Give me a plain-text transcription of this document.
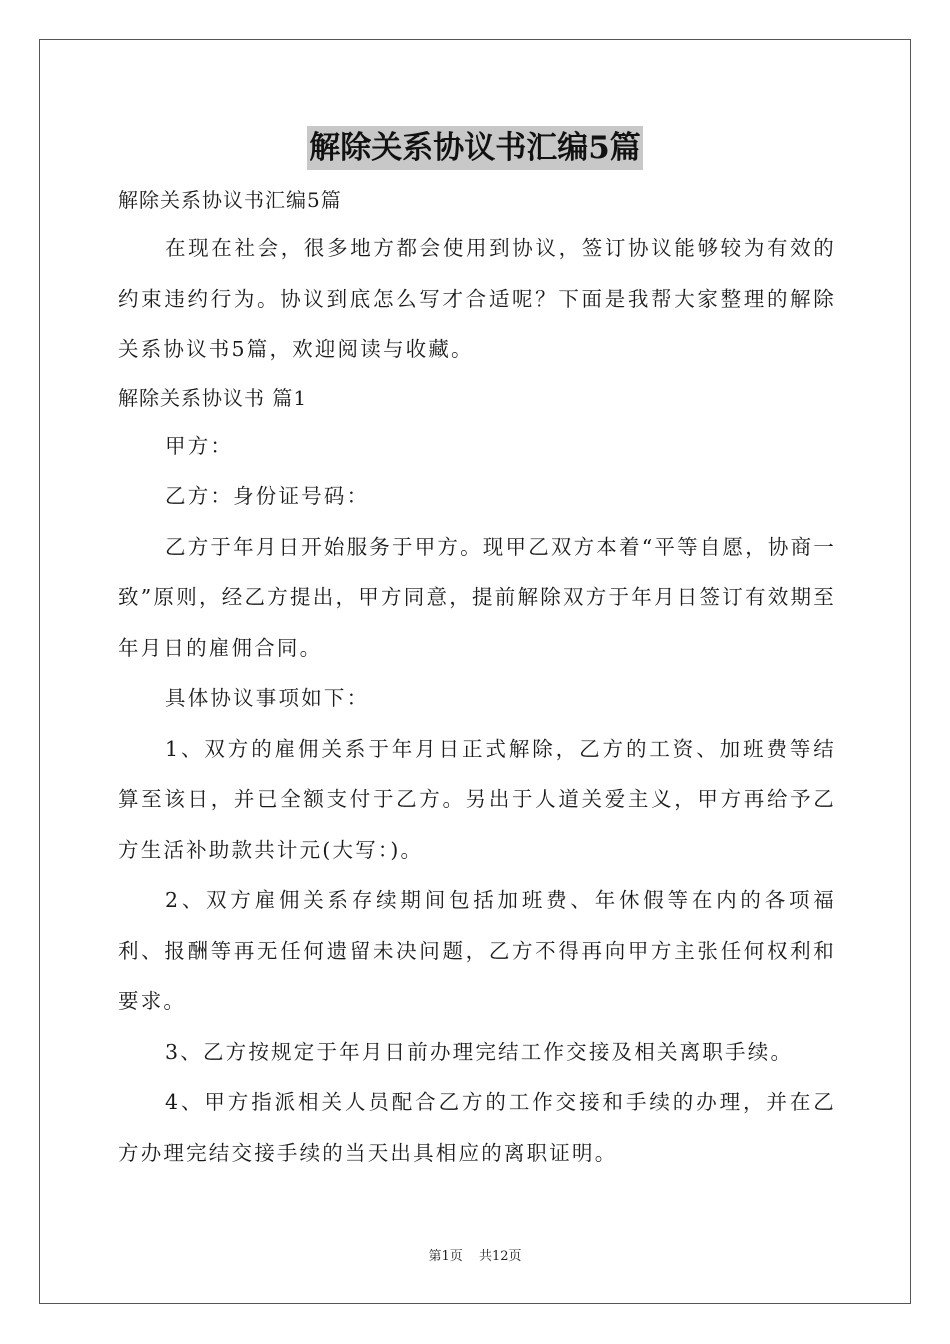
解除关系协议书汇编5篇

解除关系协议书汇编5篇

在现在社会，很多地方都会使用到协议，签订协议能够较为有效的约束违约行为。协议到底怎么写才合适呢？下面是我帮大家整理的解除关系协议书5篇，欢迎阅读与收藏。

解除关系协议书 篇1

甲方：

乙方：身份证号码：

乙方于年月日开始服务于甲方。现甲乙双方本着“平等自愿，协商一致”原则，经乙方提出，甲方同意，提前解除双方于年月日签订有效期至年月日的雇佣合同。

具体协议事项如下：

1、双方的雇佣关系于年月日正式解除，乙方的工资、加班费等结算至该日，并已全额支付于乙方。另出于人道关爱主义，甲方再给予乙方生活补助款共计元(大写：)。

2、双方雇佣关系存续期间包括加班费、年休假等在内的各项福利、报酬等再无任何遗留未决问题，乙方不得再向甲方主张任何权利和要求。

3、乙方按规定于年月日前办理完结工作交接及相关离职手续。

4、甲方指派相关人员配合乙方的工作交接和手续的办理，并在乙方办理完结交接手续的当天出具相应的离职证明。

第1页 共12页
